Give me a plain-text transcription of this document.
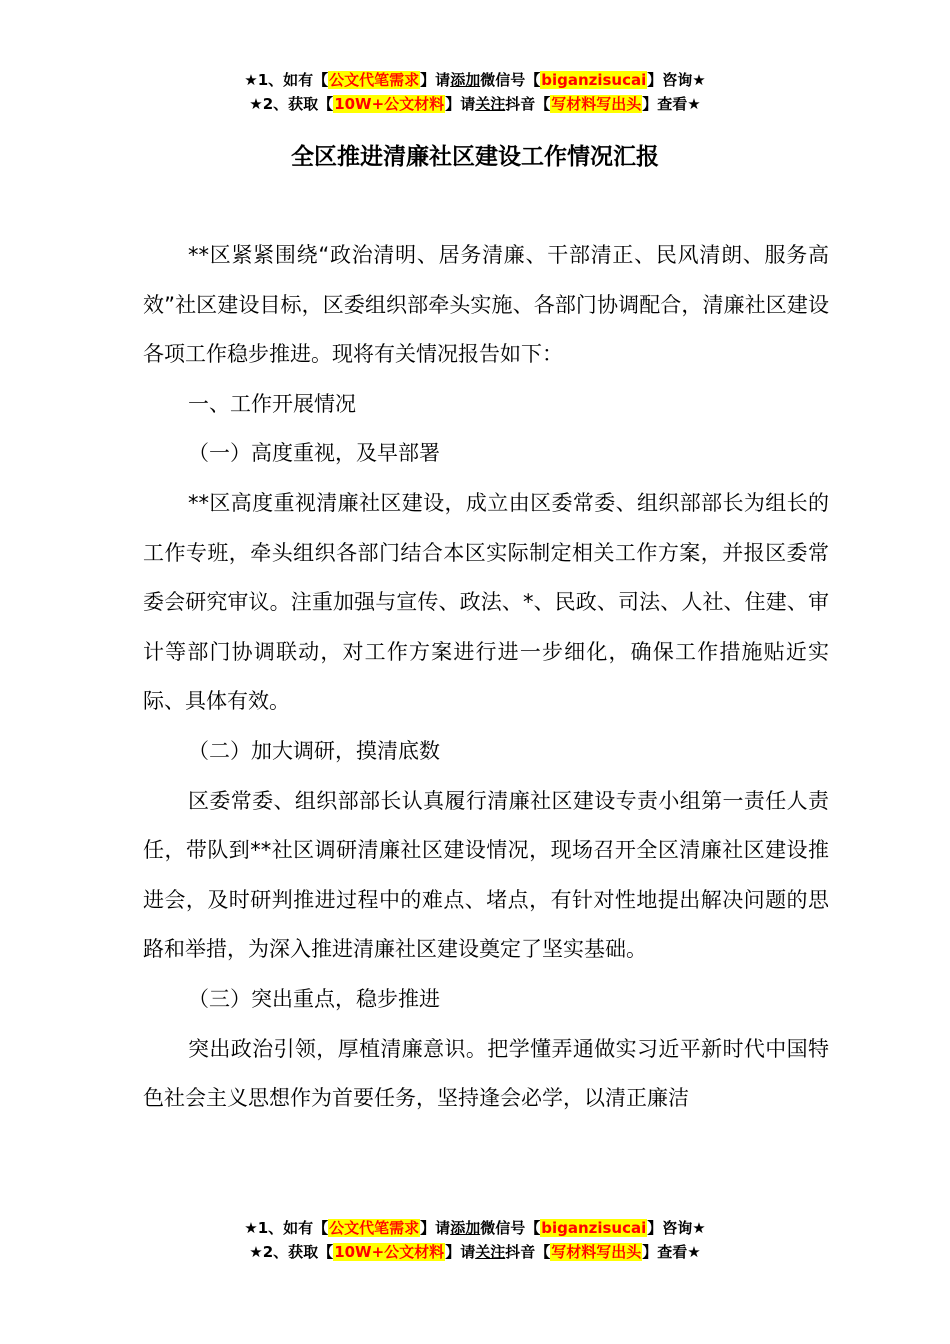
★1、如有【公文代笔需求】请添加微信号【biganzisucai】咨询★
★2、获取【10W+公文材料】请关注抖音【写材料写出头】查看★
全区推进清廉社区建设工作情况汇报

**区紧紧围绕“政治清明、居务清廉、干部清正、民风清朗、服务高效”社区建设目标，区委组织部牵头实施、各部门协调配合，清廉社区建设各项工作稳步推进。现将有关情况报告如下：

一、工作开展情况

（一）高度重视，及早部署

**区高度重视清廉社区建设，成立由区委常委、组织部部长为组长的工作专班，牵头组织各部门结合本区实际制定相关工作方案，并报区委常委会研究审议。注重加强与宣传、政法、*、民政、司法、人社、住建、审计等部门协调联动，对工作方案进行进一步细化，确保工作措施贴近实际、具体有效。

（二）加大调研，摸清底数

区委常委、组织部部长认真履行清廉社区建设专责小组第一责任人责任，带队到**社区调研清廉社区建设情况，现场召开全区清廉社区建设推进会，及时研判推进过程中的难点、堵点，有针对性地提出解决问题的思路和举措，为深入推进清廉社区建设奠定了坚实基础。

（三）突出重点，稳步推进

突出政治引领，厚植清廉意识。把学懂弄通做实习近平新时代中国特色社会主义思想作为首要任务，坚持逢会必学，以清正廉洁

★1、如有【公文代笔需求】请添加微信号【biganzisucai】咨询★
★2、获取【10W+公文材料】请关注抖音【写材料写出头】查看★
